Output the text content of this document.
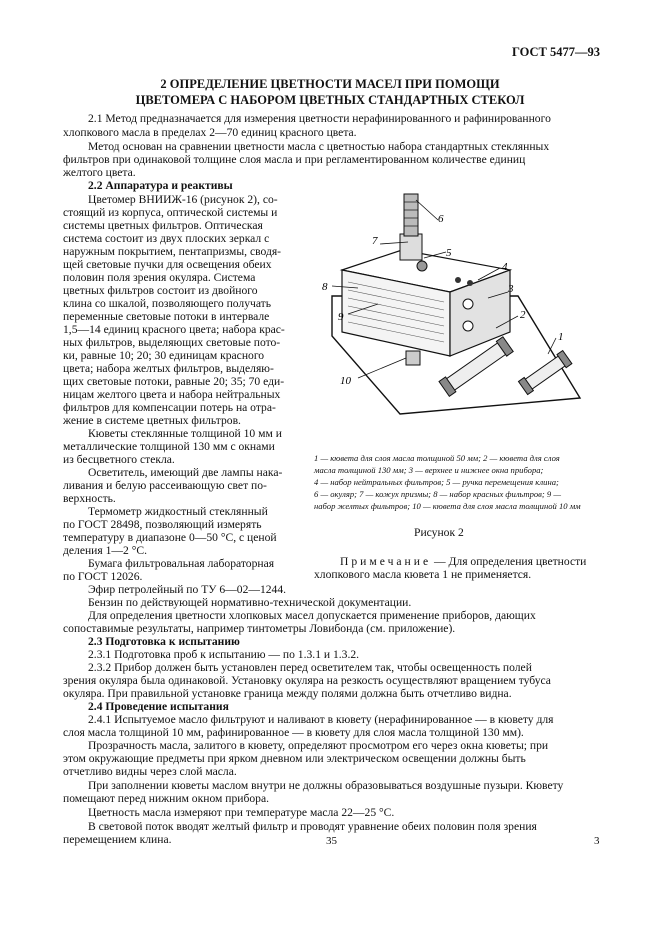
ГОСТ 5477—93
2 ОПРЕДЕЛЕНИЕ ЦВЕТНОСТИ МАСЕЛ ПРИ ПОМОЩИ
ЦВЕТОМЕРА С НАБОРОМ ЦВЕТНЫХ СТАНДАРТНЫХ СТЕКОЛ
2.1 Метод предназначается для измерения цветности нерафинированного и рафинированного
хлопкового масла в пределах 2—70 единиц красного цвета.
Метод основан на сравнении цветности масла с цветностью набора стандартных стеклянных
фильтров при одинаковой толщине слоя масла и при регламентированном количестве единиц
желтого цвета.
2.2 Аппаратура и реактивы
Цветомер ВНИИЖ-16 (рисунок 2), со-
стоящий из корпуса, оптической системы и
системы цветных фильтров. Оптическая
система состоит из двух плоских зеркал с
наружным покрытием, пентапризмы, сводя-
щей световые пучки для освещения обеих
половин поля зрения окуляра. Система
цветных фильтров состоит из двойного
клина со шкалой, позволяющего получать
переменные световые потоки в интервале
1,5—14 единиц красного цвета; набора крас-
ных фильтров, выделяющих световые пото-
ки, равные 10; 20; 30 единицам красного
цвета; набора желтых фильтров, выделяю-
щих световые потоки, равные 20; 35; 70 еди-
ницам желтого цвета и набора нейтральных
фильтров для компенсации потерь на отра-
жение в системе цветных фильтров.
Кюветы стеклянные толщиной 10 мм и
металлические толщиной 130 мм с окнами
из бесцветного стекла.
Осветитель, имеющий две лампы нака-
ливания и белую рассеивающую свет по-
верхность.
Термометр жидкостный стеклянный
по ГОСТ 28498, позволяющий измерять
температуру в диапазоне 0—50 °С, с ценой
деления 1—2 °С.
Бумага фильтровальная лабораторная
по ГОСТ 12026.
Эфир петролейный по ТУ 6—02—1244.
Бензин по действующей нормативно-технической документации.
Для определения цветности хлопковых масел допускается применение приборов, дающих
сопоставимые результаты, например тинтометры Ловибонда (см. приложение).
2.3 Подготовка к испытанию
2.3.1 Подготовка проб к испытанию — по 1.3.1 и 1.3.2.
2.3.2 Прибор должен быть установлен перед осветителем так, чтобы освещенность полей
зрения окуляра была одинаковой. Установку окуляра на резкость осуществляют вращением тубуса
окуляра. При правильной установке граница между полями должна быть отчетливо видна.
2.4 Проведение испытания
2.4.1 Испытуемое масло фильтруют и наливают в кювету (нерафинированное — в кювету для
слоя масла толщиной 10 мм, рафинированное — в кювету для слоя масла толщиной 130 мм).
Прозрачность масла, залитого в кювету, определяют просмотром его через окна кюветы; при
этом окружающие предметы при ярком дневном или электрическом освещении должны быть
отчетливо видны через слой масла.
При заполнении кюветы маслом внутри не должны образовываться воздушные пузыри. Кювету
помещают перед нижним окном прибора.
Цветность масла измеряют при температуре масла 22—25 °С.
В световой поток вводят желтый фильтр и проводят уравнение обеих половин поля зрения
перемещением клина.
6
7
5
4
3
2
1
8
9
10
1 — кювета для слоя масла толщиной 50 мм; 2 — кювета для слоя
масла толщиной 130 мм; 3 — верхнее и нижнее окна прибора;
4 — набор нейтральных фильтров; 5 — ручка перемещения клина;
6 — окуляр; 7 — кожух призмы; 8 — набор красных фильтров; 9 —
набор желтых фильтров; 10 — кювета для слоя масла толщиной 10 мм
Рисунок 2
Примечание — Для определения цветности
хлопкового масла кювета 1 не применяется.
35	3
